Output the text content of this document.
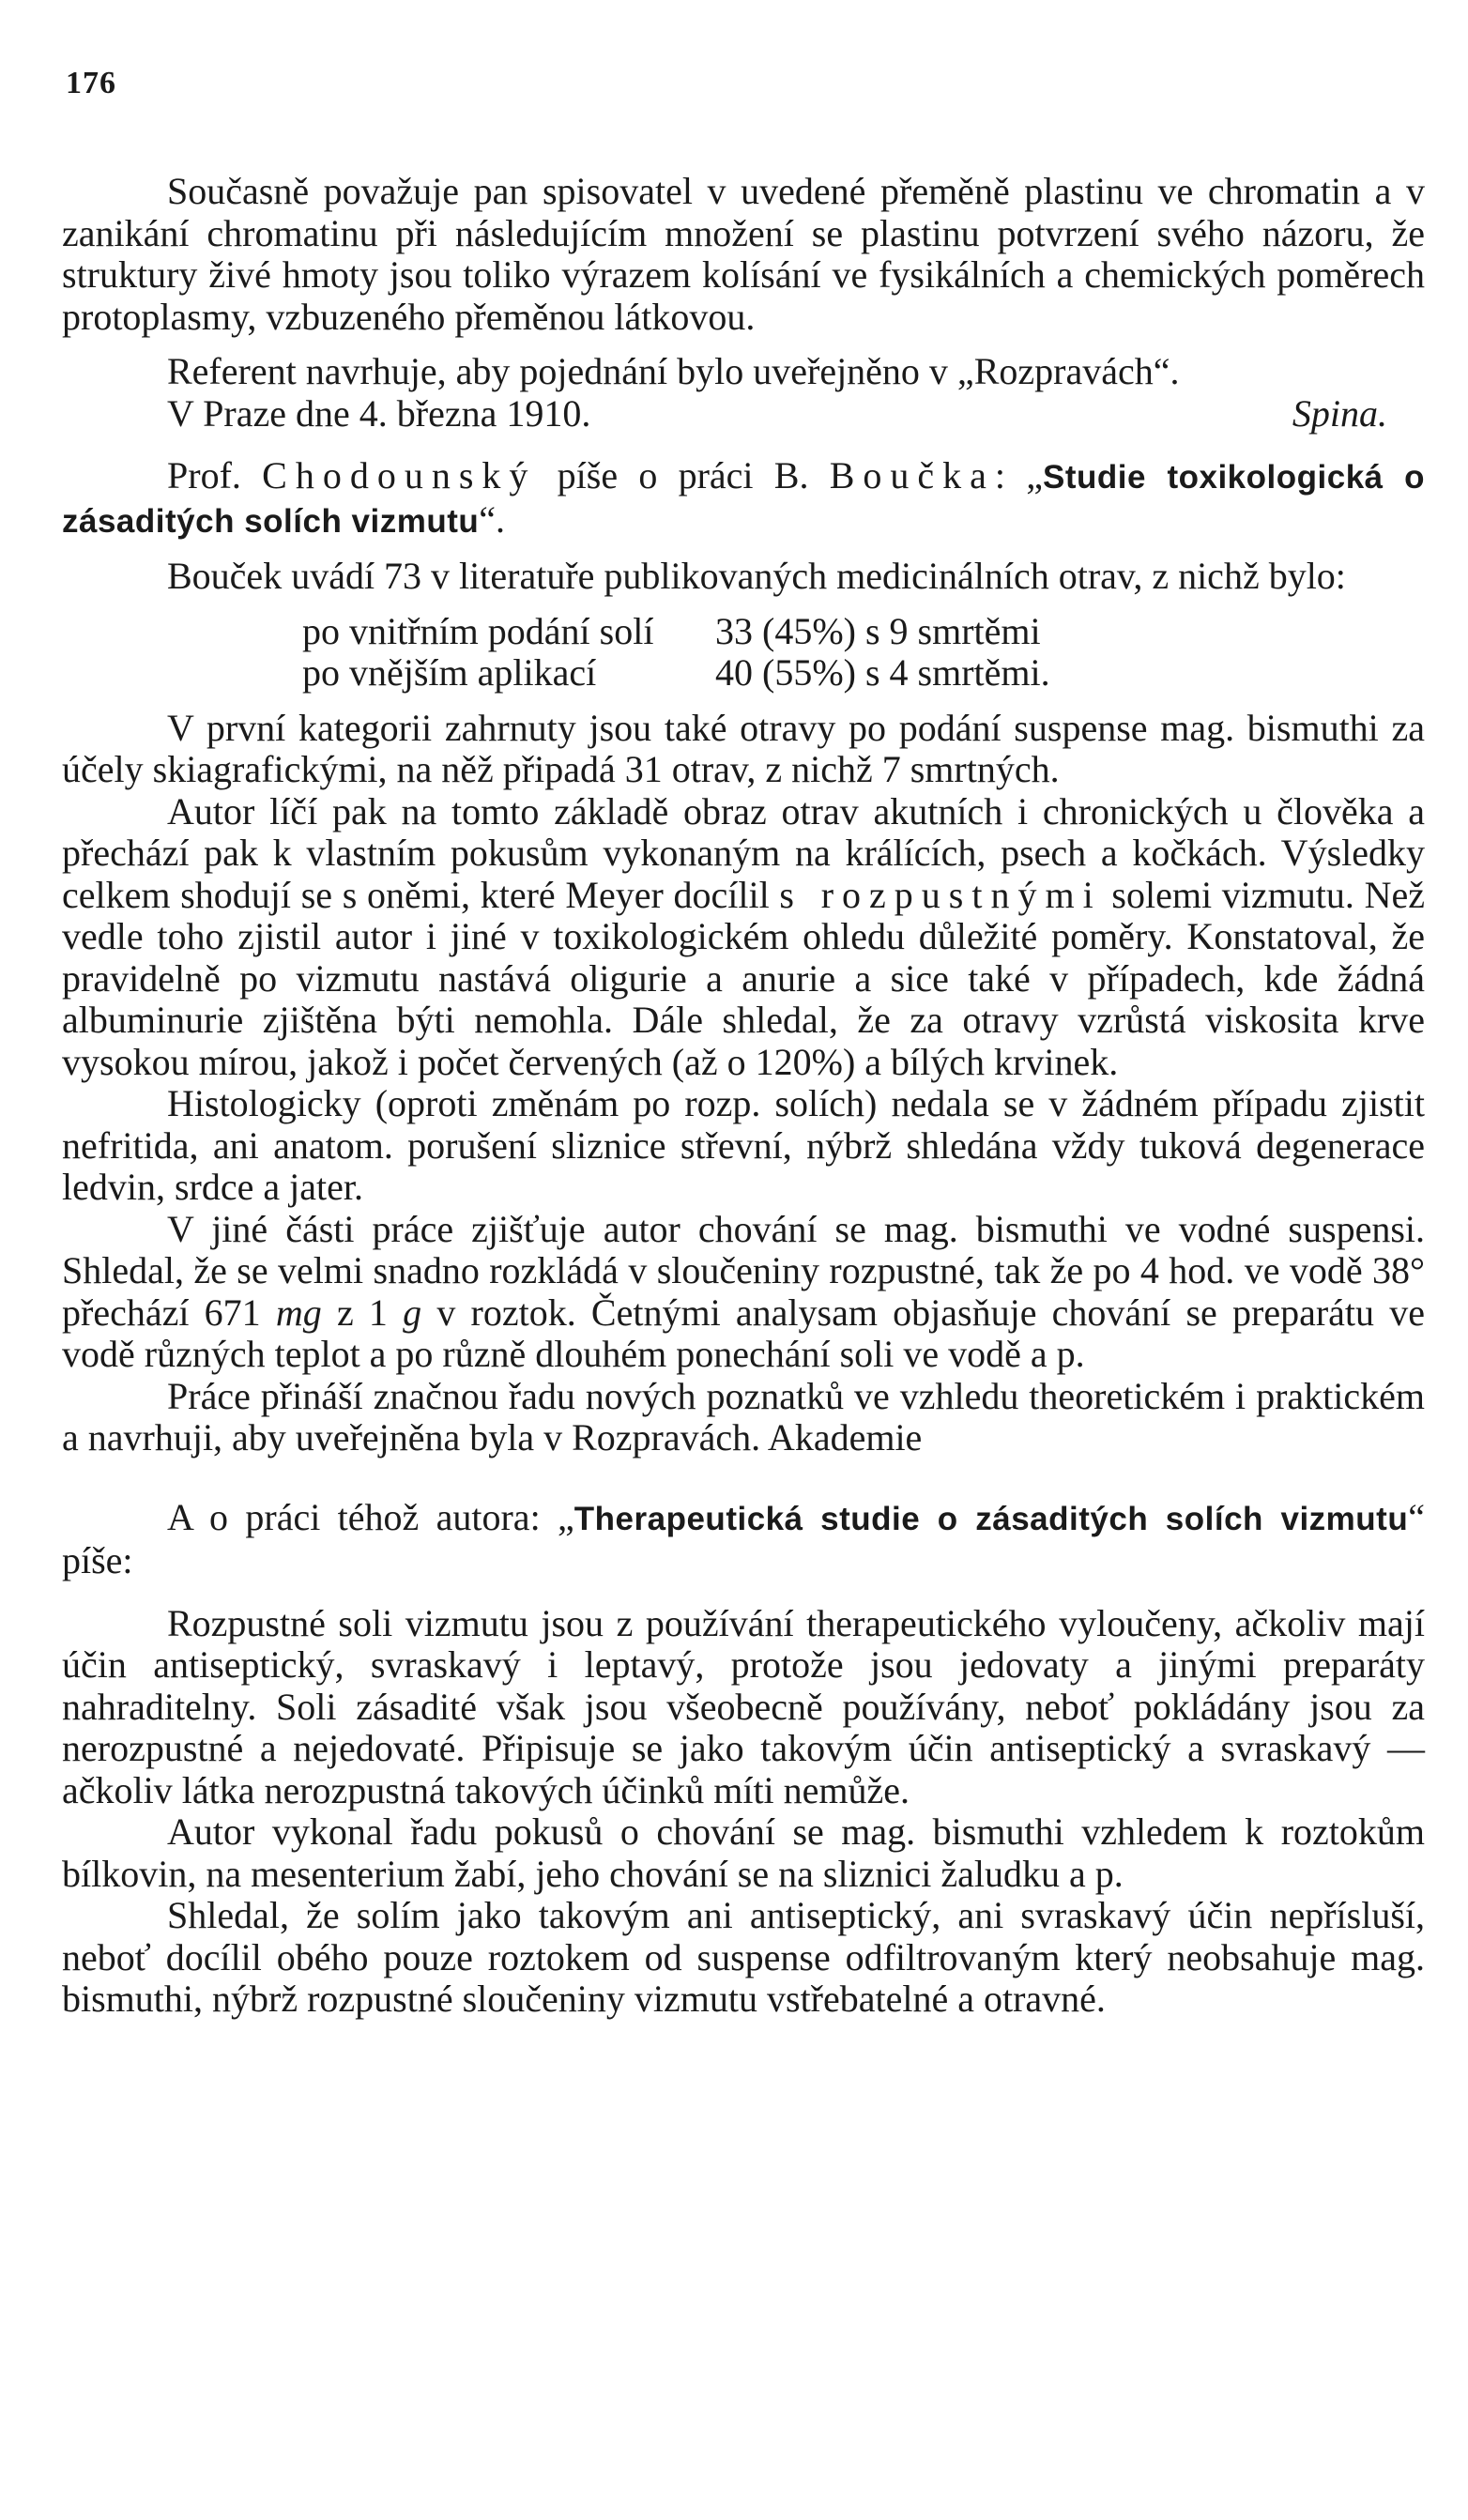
176

Současně považuje pan spisovatel v uvedené přeměně plastinu ve chromatin a v zanikání chromatinu při následujícím množení se plastinu potvrzení svého názoru, že struktury živé hmoty jsou toliko výrazem kolísání ve fysikálních a chemických poměrech protoplasmy, vzbuzeného přeměnou látkovou.

Referent navrhuje, aby pojednání bylo uveřejněno v „Rozpravách“.

V Praze dne 4. března 1910.	Spina.

Prof. Chodounský píše o práci B. Boučka: „Studie toxikologická o zásaditých solích vizmutu“.

Bouček uvádí 73 v literatuře publikovaných medicinálních otrav, z nichž bylo:

po vnitřním podání solí	33 (45%) s 9 smrtěmi
po vnějším aplikací	40 (55%) s 4 smrtěmi.

V první kategorii zahrnuty jsou také otravy po podání suspense mag. bismuthi za účely skiagrafickými, na něž připadá 31 otrav, z nichž 7 smrtných.

Autor líčí pak na tomto základě obraz otrav akutních i chronických u člověka a přechází pak k vlastním pokusům vykonaným na králících, psech a kočkách. Výsledky celkem shodují se s oněmi, které Meyer docílil s rozpustnými solemi vizmutu. Než vedle toho zjistil autor i jiné v toxikologickém ohledu důležité poměry. Konstatoval, že pravidelně po vizmutu nastává oligurie a anurie a sice také v případech, kde žádná albuminurie zjištěna býti nemohla. Dále shledal, že za otravy vzrůstá viskosita krve vysokou mírou, jakož i počet červených (až o 120%) a bílých krvinek.

Histologicky (oproti změnám po rozp. solích) nedala se v žádném případu zjistit nefritida, ani anatom. porušení sliznice střevní, nýbrž shledána vždy tuková degenerace ledvin, srdce a jater.

V jiné části práce zjišťuje autor chování se mag. bismuthi ve vodné suspensi. Shledal, že se velmi snadno rozkládá v sloučeniny rozpustné, tak že po 4 hod. ve vodě 38° přechází 671 mg z 1 g v roztok. Četnými analysam objasňuje chování se preparátu ve vodě různých teplot a po různě dlouhém ponechání soli ve vodě a p.

Práce přináší značnou řadu nových poznatků ve vzhledu theoretickém i praktickém a navrhuji, aby uveřejněna byla v Rozpravách. Akademie

A o práci téhož autora: „Therapeutická studie o zásaditých solích vizmutu“ píše:

Rozpustné soli vizmutu jsou z používání therapeutického vyloučeny, ačkoliv mají účin antiseptický, svraskavý i leptavý, protože jsou jedovaty a jinými preparáty nahraditelny. Soli zásadité však jsou všeobecně používány, neboť pokládány jsou za nerozpustné a nejedovaté. Připisuje se jako takovým účin antiseptický a svraskavý — ačkoliv látka nerozpustná takových účinků míti nemůže.

Autor vykonal řadu pokusů o chování se mag. bismuthi vzhledem k roztokům bílkovin, na mesenterium žabí, jeho chování se na sliznici žaludku a p.

Shledal, že solím jako takovým ani antiseptický, ani svraskavý účin nepřísluší, neboť docílil obého pouze roztokem od suspense odfiltrovaným který neobsahuje mag. bismuthi, nýbrž rozpustné sloučeniny vizmutu vstřebatelné a otravné.
